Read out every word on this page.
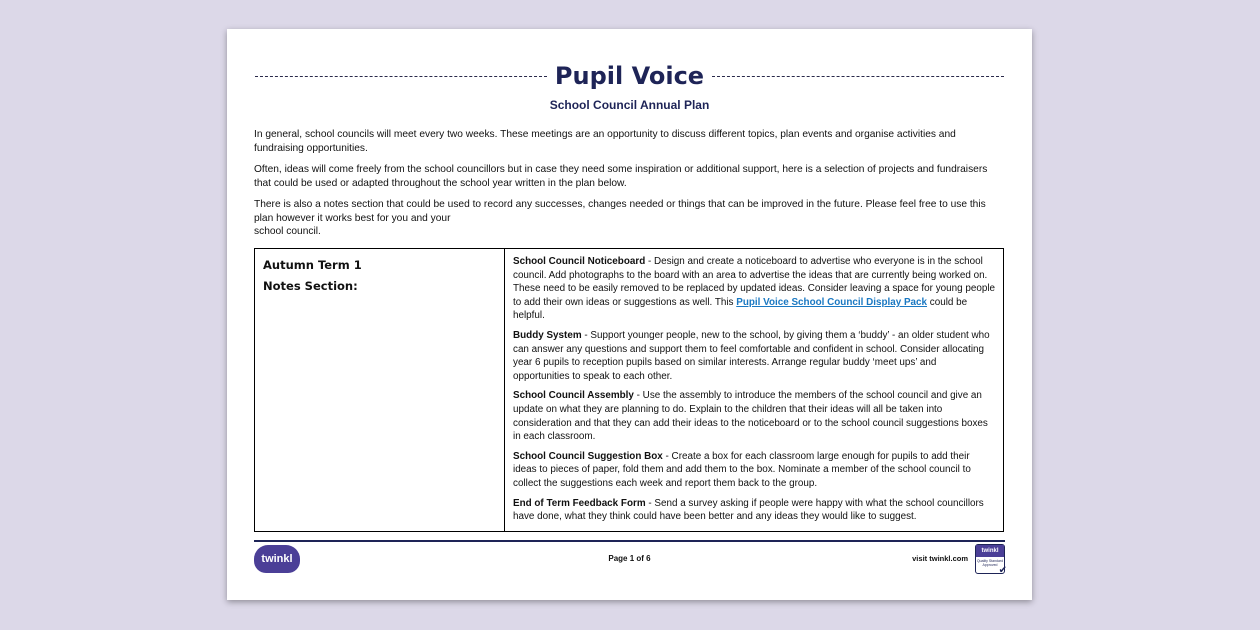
Pupil Voice
School Council Annual Plan

In general, school councils will meet every two weeks. These meetings are an opportunity to discuss different topics, plan events and organise activities and fundraising opportunities.

Often, ideas will come freely from the school councillors but in case they need some inspiration or additional support, here is a selection of projects and fundraisers that could be used or adapted throughout the school year written in the plan below.

There is also a notes section that could be used to record any successes, changes needed or things that can be improved in the future. Please feel free to use this plan however it works best for you and your
school council.

Autumn Term 1
Notes Section:

School Council Noticeboard - Design and create a noticeboard to advertise who everyone is in the school council. Add photographs to the board with an area to advertise the ideas that are currently being worked on. These need to be easily removed to be replaced by updated ideas. Consider leaving a space for young people to add their own ideas or suggestions as well. This Pupil Voice School Council Display Pack could be helpful.

Buddy System - Support younger people, new to the school, by giving them a ‘buddy’ - an older student who can answer any questions and support them to feel comfortable and confident in school. Consider allocating year 6 pupils to reception pupils based on similar interests. Arrange regular buddy ‘meet ups’ and opportunities to speak to each other.

School Council Assembly - Use the assembly to introduce the members of the school council and give an update on what they are planning to do. Explain to the children that their ideas will all be taken into consideration and that they can add their ideas to the noticeboard or to the school council suggestions boxes in each classroom.

School Council Suggestion Box - Create a box for each classroom large enough for pupils to add their ideas to pieces of paper, fold them and add them to the box. Nominate a member of the school council to collect the suggestions each week and report them back to the group.

End of Term Feedback Form - Send a survey asking if people were happy with what the school councillors have done, what they think could have been better and any ideas they would like to suggest.

twinkl	Page 1 of 6	visit twinkl.com
twinkl
Quality Standard Approved ✔
